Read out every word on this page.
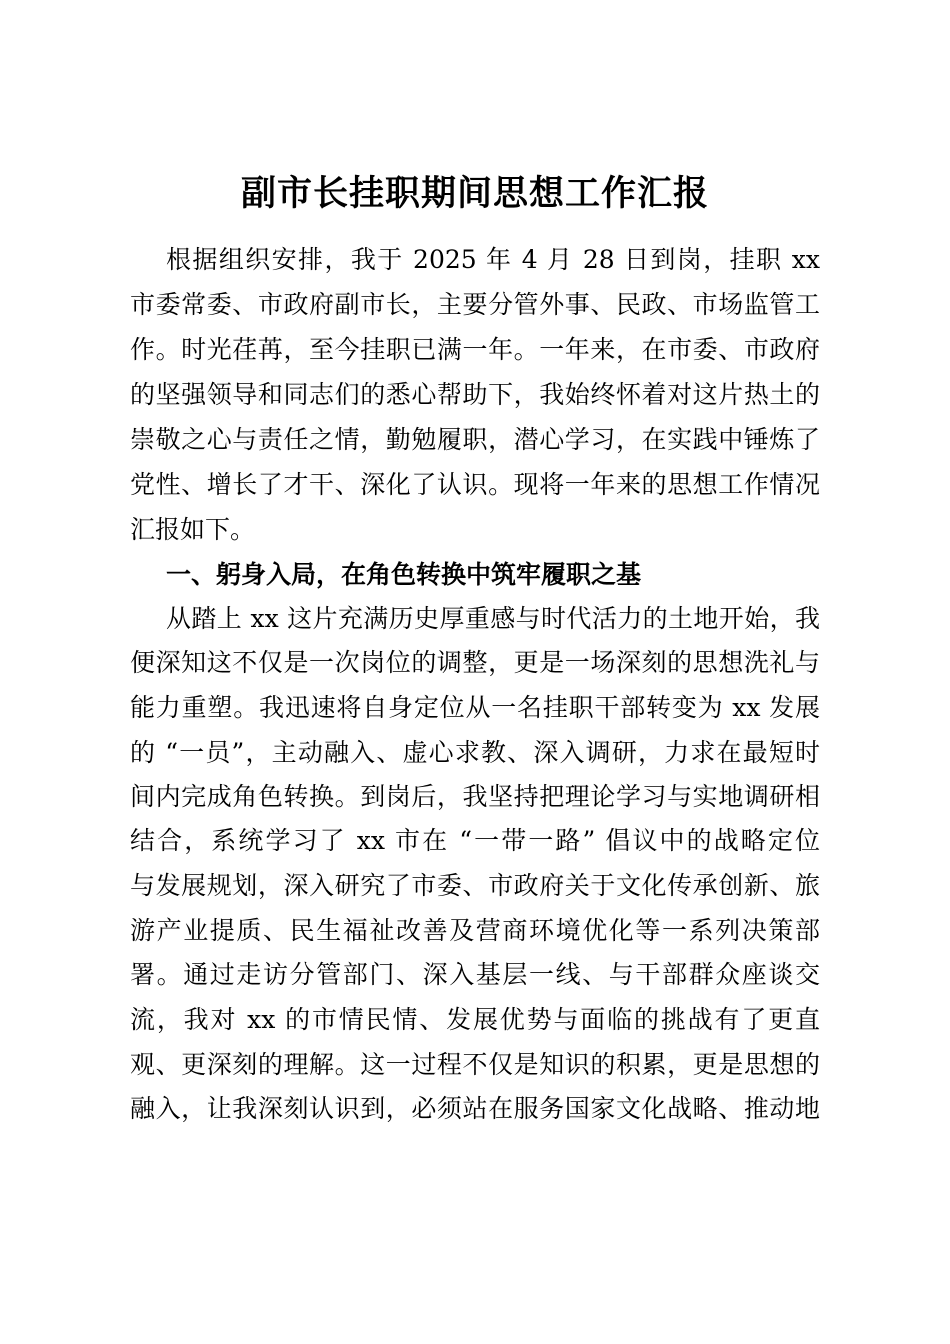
副市长挂职期间思想工作汇报
根据组织安排，我于 2025 年 4 月 28 日到岗，挂职 xx
市委常委、市政府副市长，主要分管外事、民政、市场监管工
作。时光荏苒，至今挂职已满一年。一年来，在市委、市政府
的坚强领导和同志们的悉心帮助下，我始终怀着对这片热土的
崇敬之心与责任之情，勤勉履职，潜心学习，在实践中锤炼了
党性、增长了才干、深化了认识。现将一年来的思想工作情况
汇报如下。
一、躬身入局，在角色转换中筑牢履职之基
从踏上 xx 这片充满历史厚重感与时代活力的土地开始，我
便深知这不仅是一次岗位的调整，更是一场深刻的思想洗礼与
能力重塑。我迅速将自身定位从一名挂职干部转变为 xx 发展
的 “一员”，主动融入、虚心求教、深入调研，力求在最短时
间内完成角色转换。到岗后，我坚持把理论学习与实地调研相
结合，系统学习了 xx 市在 “一带一路” 倡议中的战略定位
与发展规划，深入研究了市委、市政府关于文化传承创新、旅
游产业提质、民生福祉改善及营商环境优化等一系列决策部
署。通过走访分管部门、深入基层一线、与干部群众座谈交
流，我对 xx 的市情民情、发展优势与面临的挑战有了更直
观、更深刻的理解。这一过程不仅是知识的积累，更是思想的
融入，让我深刻认识到，必须站在服务国家文化战略、推动地
